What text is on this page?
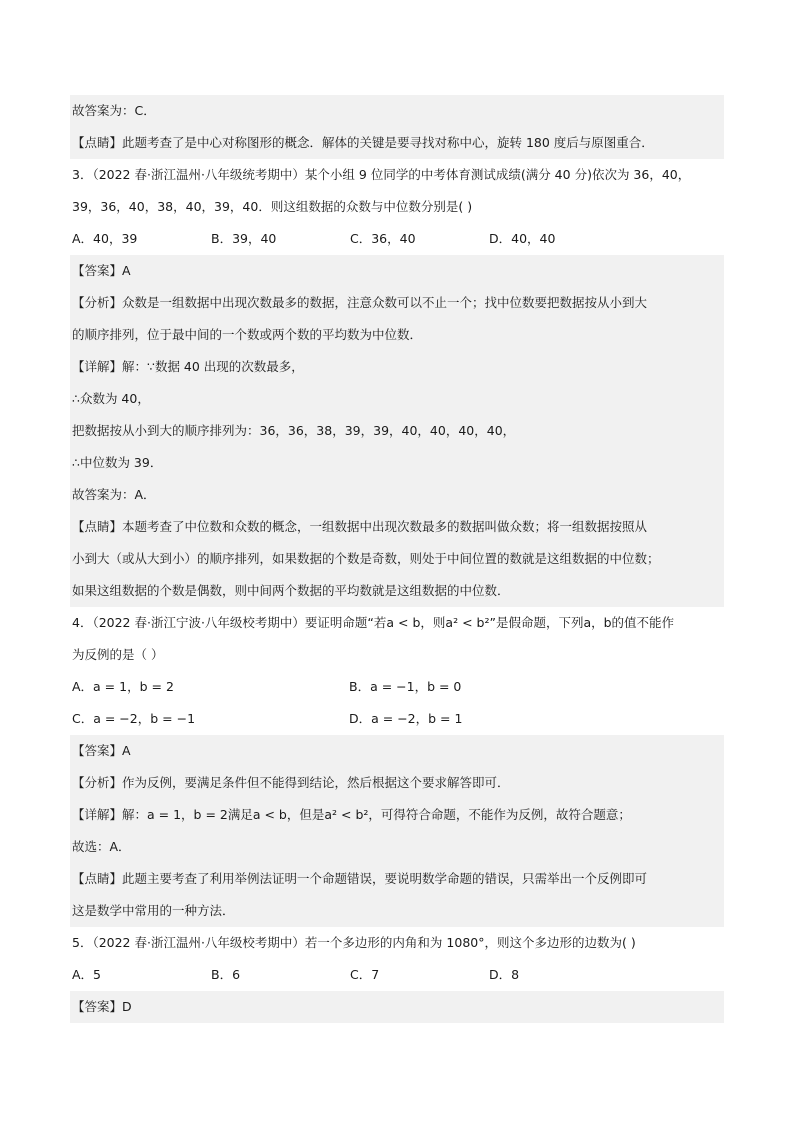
故答案为：C．
【点睛】此题考查了是中心对称图形的概念．解体的关键是要寻找对称中心，旋转 180 度后与原图重合．
3．（2022 春·浙江温州·八年级统考期中）某个小组 9 位同学的中考体育测试成绩(满分 40 分)依次为 36，40，
39，36，40，38，40，39，40．则这组数据的众数与中位数分别是( )
A．40，39	B．39，40	C．36，40	D．40，40
【答案】A
【分析】众数是一组数据中出现次数最多的数据，注意众数可以不止一个；找中位数要把数据按从小到大
的顺序排列，位于最中间的一个数或两个数的平均数为中位数．
【详解】解：∵数据 40 出现的次数最多，
∴众数为 40，
把数据按从小到大的顺序排列为：36，36，38，39，39，40，40，40，40，
∴中位数为 39．
故答案为：A．
【点睛】本题考查了中位数和众数的概念，一组数据中出现次数最多的数据叫做众数；将一组数据按照从
小到大（或从大到小）的顺序排列，如果数据的个数是奇数，则处于中间位置的数就是这组数据的中位数；
如果这组数据的个数是偶数，则中间两个数据的平均数就是这组数据的中位数．
4．（2022 春·浙江宁波·八年级校考期中）要证明命题“若a < b，则a² < b²”是假命题，下列a，b的值不能作
为反例的是（ ）
A．a = 1，b = 2	B．a = −1，b = 0
C．a = −2，b = −1	D．a = −2，b = 1
【答案】A
【分析】作为反例，要满足条件但不能得到结论，然后根据这个要求解答即可．
【详解】解：a = 1，b = 2满足a < b，但是a² < b²，可得符合命题，不能作为反例，故符合题意；
故选：A．
【点睛】此题主要考查了利用举例法证明一个命题错误，要说明数学命题的错误，只需举出一个反例即可
这是数学中常用的一种方法．
5．（2022 春·浙江温州·八年级校考期中）若一个多边形的内角和为 1080°，则这个多边形的边数为( )
A．5	B．6	C．7	D．8
【答案】D
